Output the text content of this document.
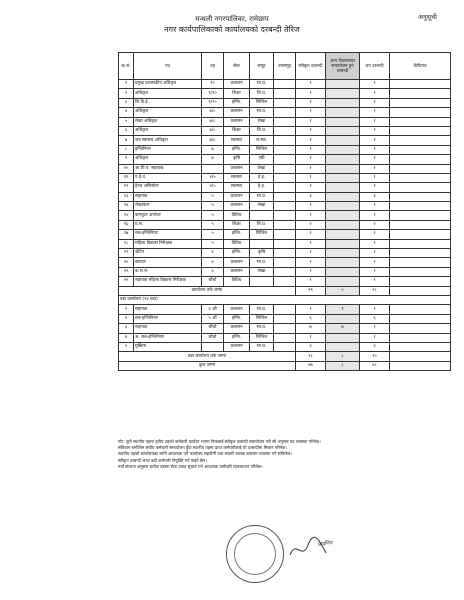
अनुसूची
मन्थली नगरपालिका, रामेछाप
नगर कार्यपालिकाको कार्यालयको दरबन्दी तेरिज
क.सं.	पद	तह	सेवा	समूह	उपसमूह	स्वीकृत दरबन्दी	अन्य निकायबाट समायोजन हुने दरबन्दी	थप दरबन्दी	कैफियत
१	प्रमुख प्रशासकीय अधिकृत	१०	प्रशासन	सा.प्र.		१		१	
२	अधिकृत	९/१०	शिक्षा	शि.प्र.		१		१	
३	सि.डि.ई.	९/१०	इन्जि.	सिभिल		१		१	
४	अधिकृत	७/८	प्रशासन	सा.प्र.		१		१	
५	लेखा अधिकृत	७/८	प्रशासन	लेखा		१		१	
६	अधिकृत	७/८	शिक्षा	शि.प्र.		१		१	
७	जन स्वास्थ्य अधिकृत	७/८	स्वास्थ्य	ज.स्वा.		१		१	
८	इन्जिनियर	७	इन्जि.	सिभिल		१		१	
९	अधिकृत	७	कृषि	एग्री		१		१	
१०	आ.पि.प. सहायक		प्रशासन	लेखा		१		१	
११	ए.हे.व.	४/५	स्वास्थ्य	हे.इ.		१		१	
१२	हेल्थ असिस्टेन्ट	४/५	स्वास्थ्य	हे.इ.		१		१	
१३	सहायक	५	प्रशासन	सा.प्र.		३		३	
१४	लेखापाल	५	प्रशासन	लेखा		१		१	
१५	कम्प्युटर अपरेटर	५	विविध			१		१	
१६	प्र.स.	५	शिक्षा	शि.प्र.		२		२	
१७	सब-इन्जिनियर	५	इन्जि.	सिभिल		२		२	
१८	महिला विकास निरीक्षक	५	विविध			१		१	
१९	जेटिए	४	इन्जि.	कृषि		१		१	
२०	खरदार	४	प्रशासन	सा.प्र.		१		१	
२१	क.स.ल.	४	प्रशासन	लेखा		१		१	
२२	सहायक महिला विकास निरीक्षक	चौथो	विविध			१		१	
कार्यालय तर्फ जम्मा						२९	०	२८	
वडा कार्यालय (१४ वडा)									
१	सहायक	४ औं	प्रशासन	सा.प्र.		१	१	१	
२	सब-इन्जिनियर	५ औं	इन्जि.	सिभिल		६		६	
३	सहायक	चौथो	प्रशासन	सा.प्र.		७	७	१	
४	अ. सब-इन्जिनियर	चौथो	इन्जि.	सिभिल		१		१	
५	मुखिया		प्रशासन	सा.प्र.		४		४	
वडा कार्यालय तर्फ जम्मा						२८	८	२०	
कुल जम्मा						४७	८	४८	

नोट: कुनै स्थानीय तहमा तृतीय तहको कर्मचारी कार्यरत भएमा निजलाई स्वीकृत दरबन्दी समायोजन गरी सो अनुसार पद व्यवस्था गरिनेछ।

संविधान बमोजिम संघीय कर्मचारी समायोजन हुँदा स्थानीय तहमा प्राप्त कर्मचारीलाई यो दरबन्दीमा मिलान गरिनेछ।

स्थानीय तहको कार्यालयका लागि आवश्यक पर्ने कार्यालय सहयोगी तथा सवारी चालक करारमा व्यवस्था गर्न सकिनेछ।

स्वीकृत दरबन्दी भन्दा बढी कर्मचारी नियुक्ति गर्न पाइने छैन।

नयाँ संरचना अनुसार प्रत्येक वडामा सेवा प्रवाह सुचारु गर्न आवश्यक कर्मचारी व्यवस्थापन गरिनेछ।

प्रमाणित
